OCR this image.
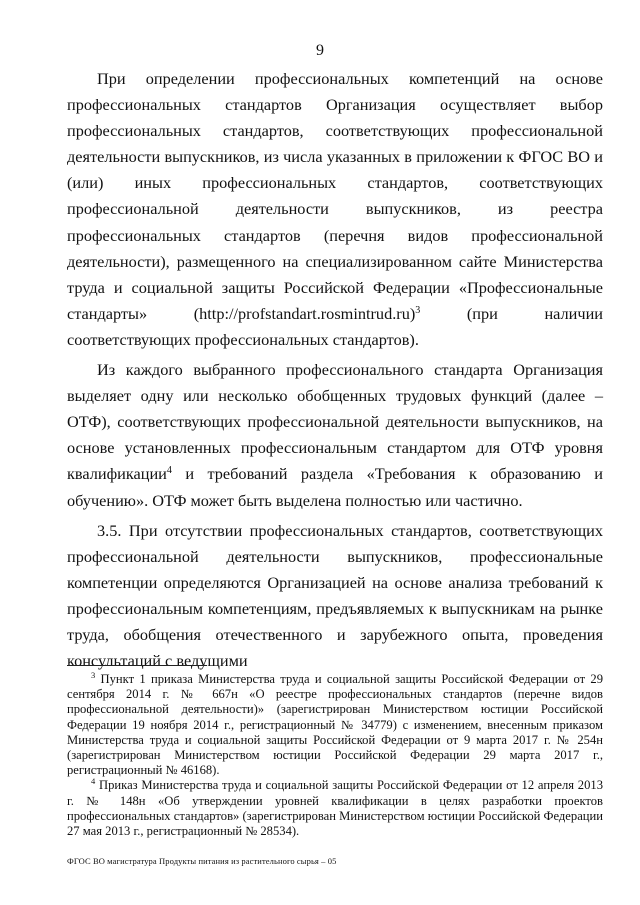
9

При определении профессиональных компетенций на основе профессиональных стандартов Организация осуществляет выбор профессиональных стандартов, соответствующих профессиональной деятельности выпускников, из числа указанных в приложении к ФГОС ВО и (или) иных профессиональных стандартов, соответствующих профессиональной деятельности выпускников, из реестра профессиональных стандартов (перечня видов профессиональной деятельности), размещенного на специализированном сайте Министерства труда и социальной защиты Российской Федерации «Профессиональные стандарты» (http://profstandart.rosmintrud.ru)$^3$ (при наличии соответствующих профессиональных стандартов).

Из каждого выбранного профессионального стандарта Организация выделяет одну или несколько обобщенных трудовых функций (далее – ОТФ), соответствующих профессиональной деятельности выпускников, на основе установленных профессиональным стандартом для ОТФ уровня квалификации$^4$ и требований раздела «Требования к образованию и обучению». ОТФ может быть выделена полностью или частично.

3.5. При отсутствии профессиональных стандартов, соответствующих профессиональной деятельности выпускников, профессиональные компетенции определяются Организацией на основе анализа требований к профессиональным компетенциям, предъявляемых к выпускникам на рынке труда, обобщения отечественного и зарубежного опыта, проведения консультаций с ведущими

$^3$ Пункт 1 приказа Министерства труда и социальной защиты Российской Федерации от 29 сентября 2014 г. № 667н «О реестре профессиональных стандартов (перечне видов профессиональной деятельности)» (зарегистрирован Министерством юстиции Российской Федерации 19 ноября 2014 г., регистрационный № 34779) с изменением, внесенным приказом Министерства труда и социальной защиты Российской Федерации от 9 марта 2017 г. № 254н (зарегистрирован Министерством юстиции Российской Федерации 29 марта 2017 г., регистрационный № 46168).

$^4$ Приказ Министерства труда и социальной защиты Российской Федерации от 12 апреля 2013 г. № 148н «Об утверждении уровней квалификации в целях разработки проектов профессиональных стандартов» (зарегистрирован Министерством юстиции Российской Федерации 27 мая 2013 г., регистрационный № 28534).

ФГОС ВО магистратура Продукты питания из растительного сырья – 05
